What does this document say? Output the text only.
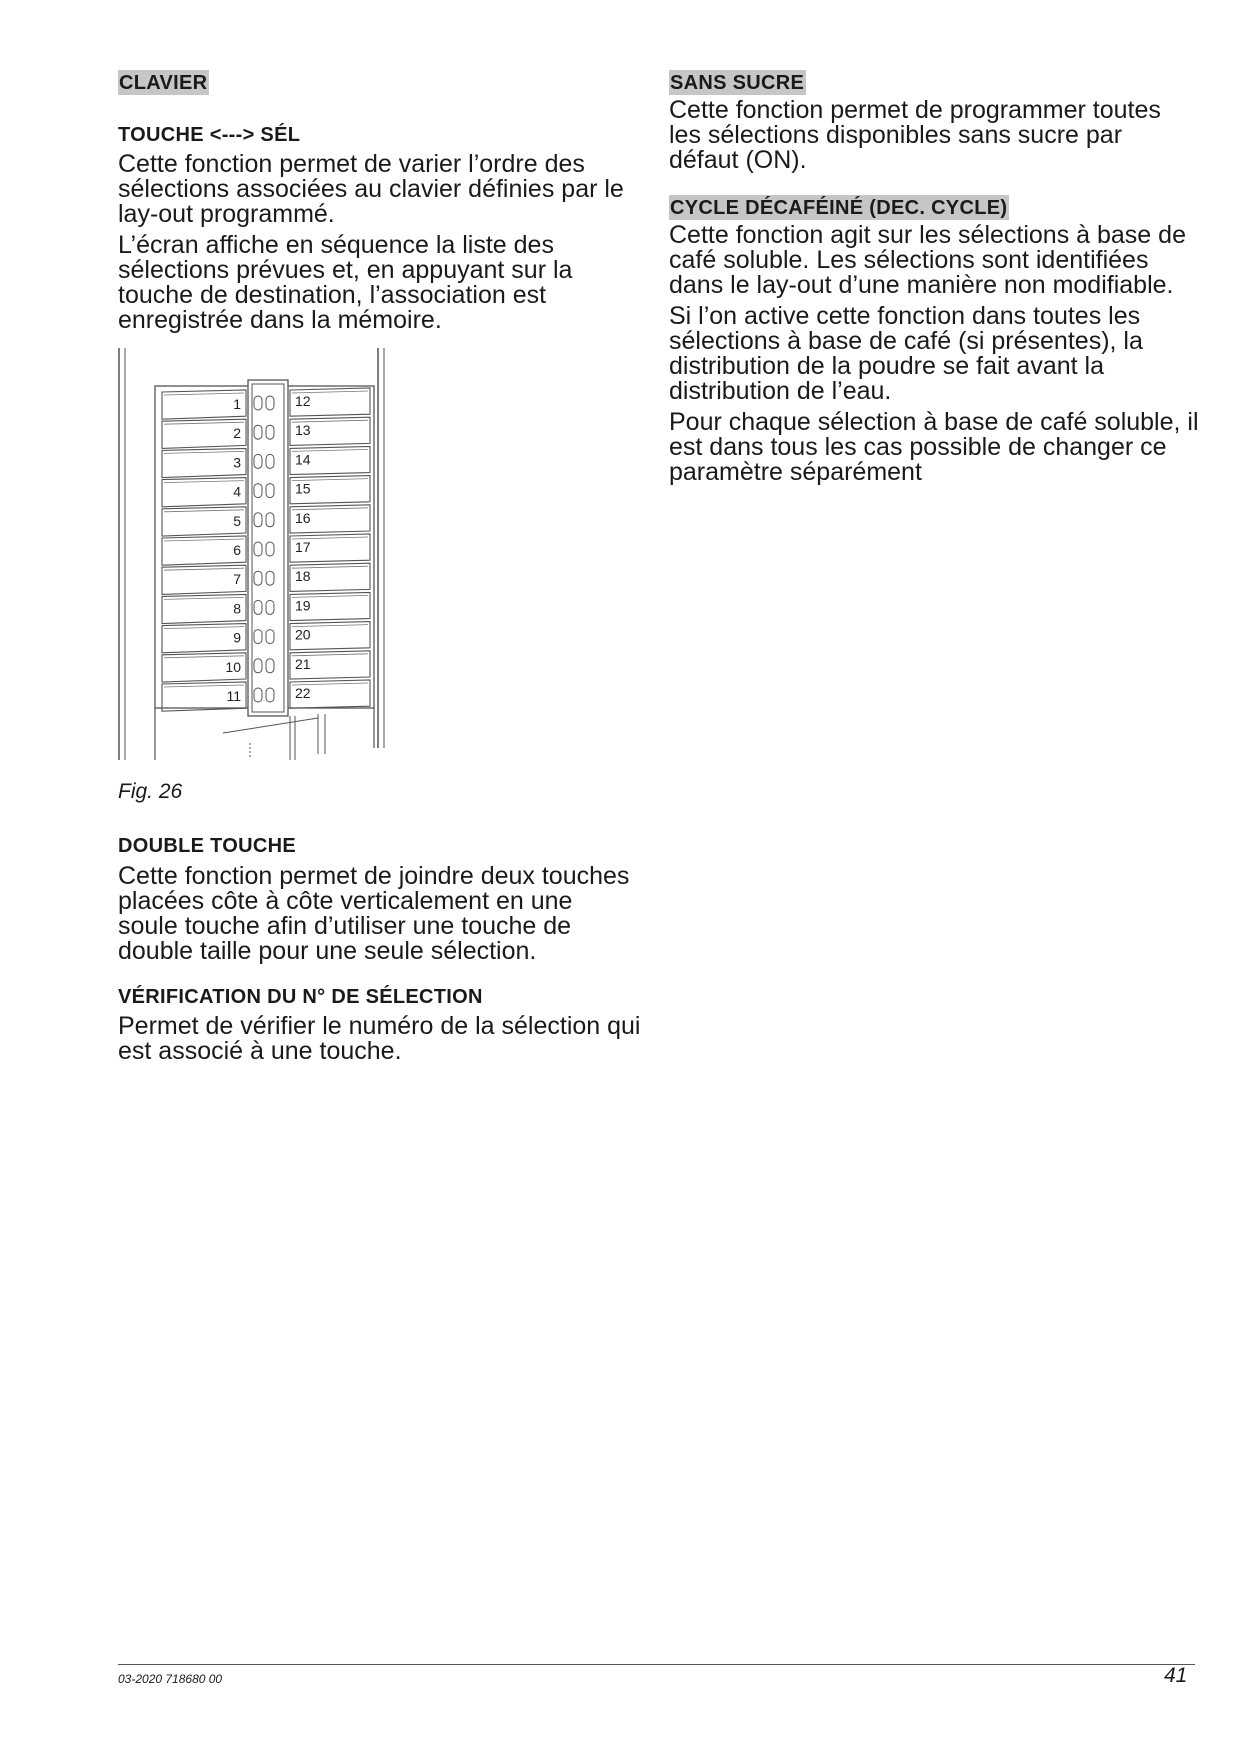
CLAVIER
TOUCHE <---> SÉL

Cette fonction permet de varier l’ordre des sélections associées au clavier définies par le lay-out programmé.

L’écran affiche en séquence la liste des sélections prévues et, en appuyant sur la touche de destination, l’association est enregistrée dans la mémoire.

1
2
3
4
5
6
7
8
9
10
11
12
13
14
15
16
17
18
19
20
21
22

Fig. 26

DOUBLE TOUCHE

Cette fonction permet de joindre deux touches placées côte à côte verticalement en une soule touche afin d’utiliser une touche de double taille pour une seule sélection.

VÉRIFICATION DU N° DE SÉLECTION

Permet de vérifier le numéro de la sélection qui est associé à une touche.

SANS SUCRE

Cette fonction permet de programmer toutes les sélections disponibles sans sucre par défaut (ON).

CYCLE DÉCAFÉINÉ (DEC. CYCLE)

Cette fonction agit sur les sélections à base de café soluble. Les sélections sont identifiées dans le lay-out d’une manière non modifiable.

Si l’on active cette fonction dans toutes les sélections à base de café (si présentes), la distribution de la poudre se fait avant la distribution de l’eau.

Pour chaque sélection à base de café soluble, il est dans tous les cas possible de changer ce paramètre séparément

03-2020 718680 00	41
